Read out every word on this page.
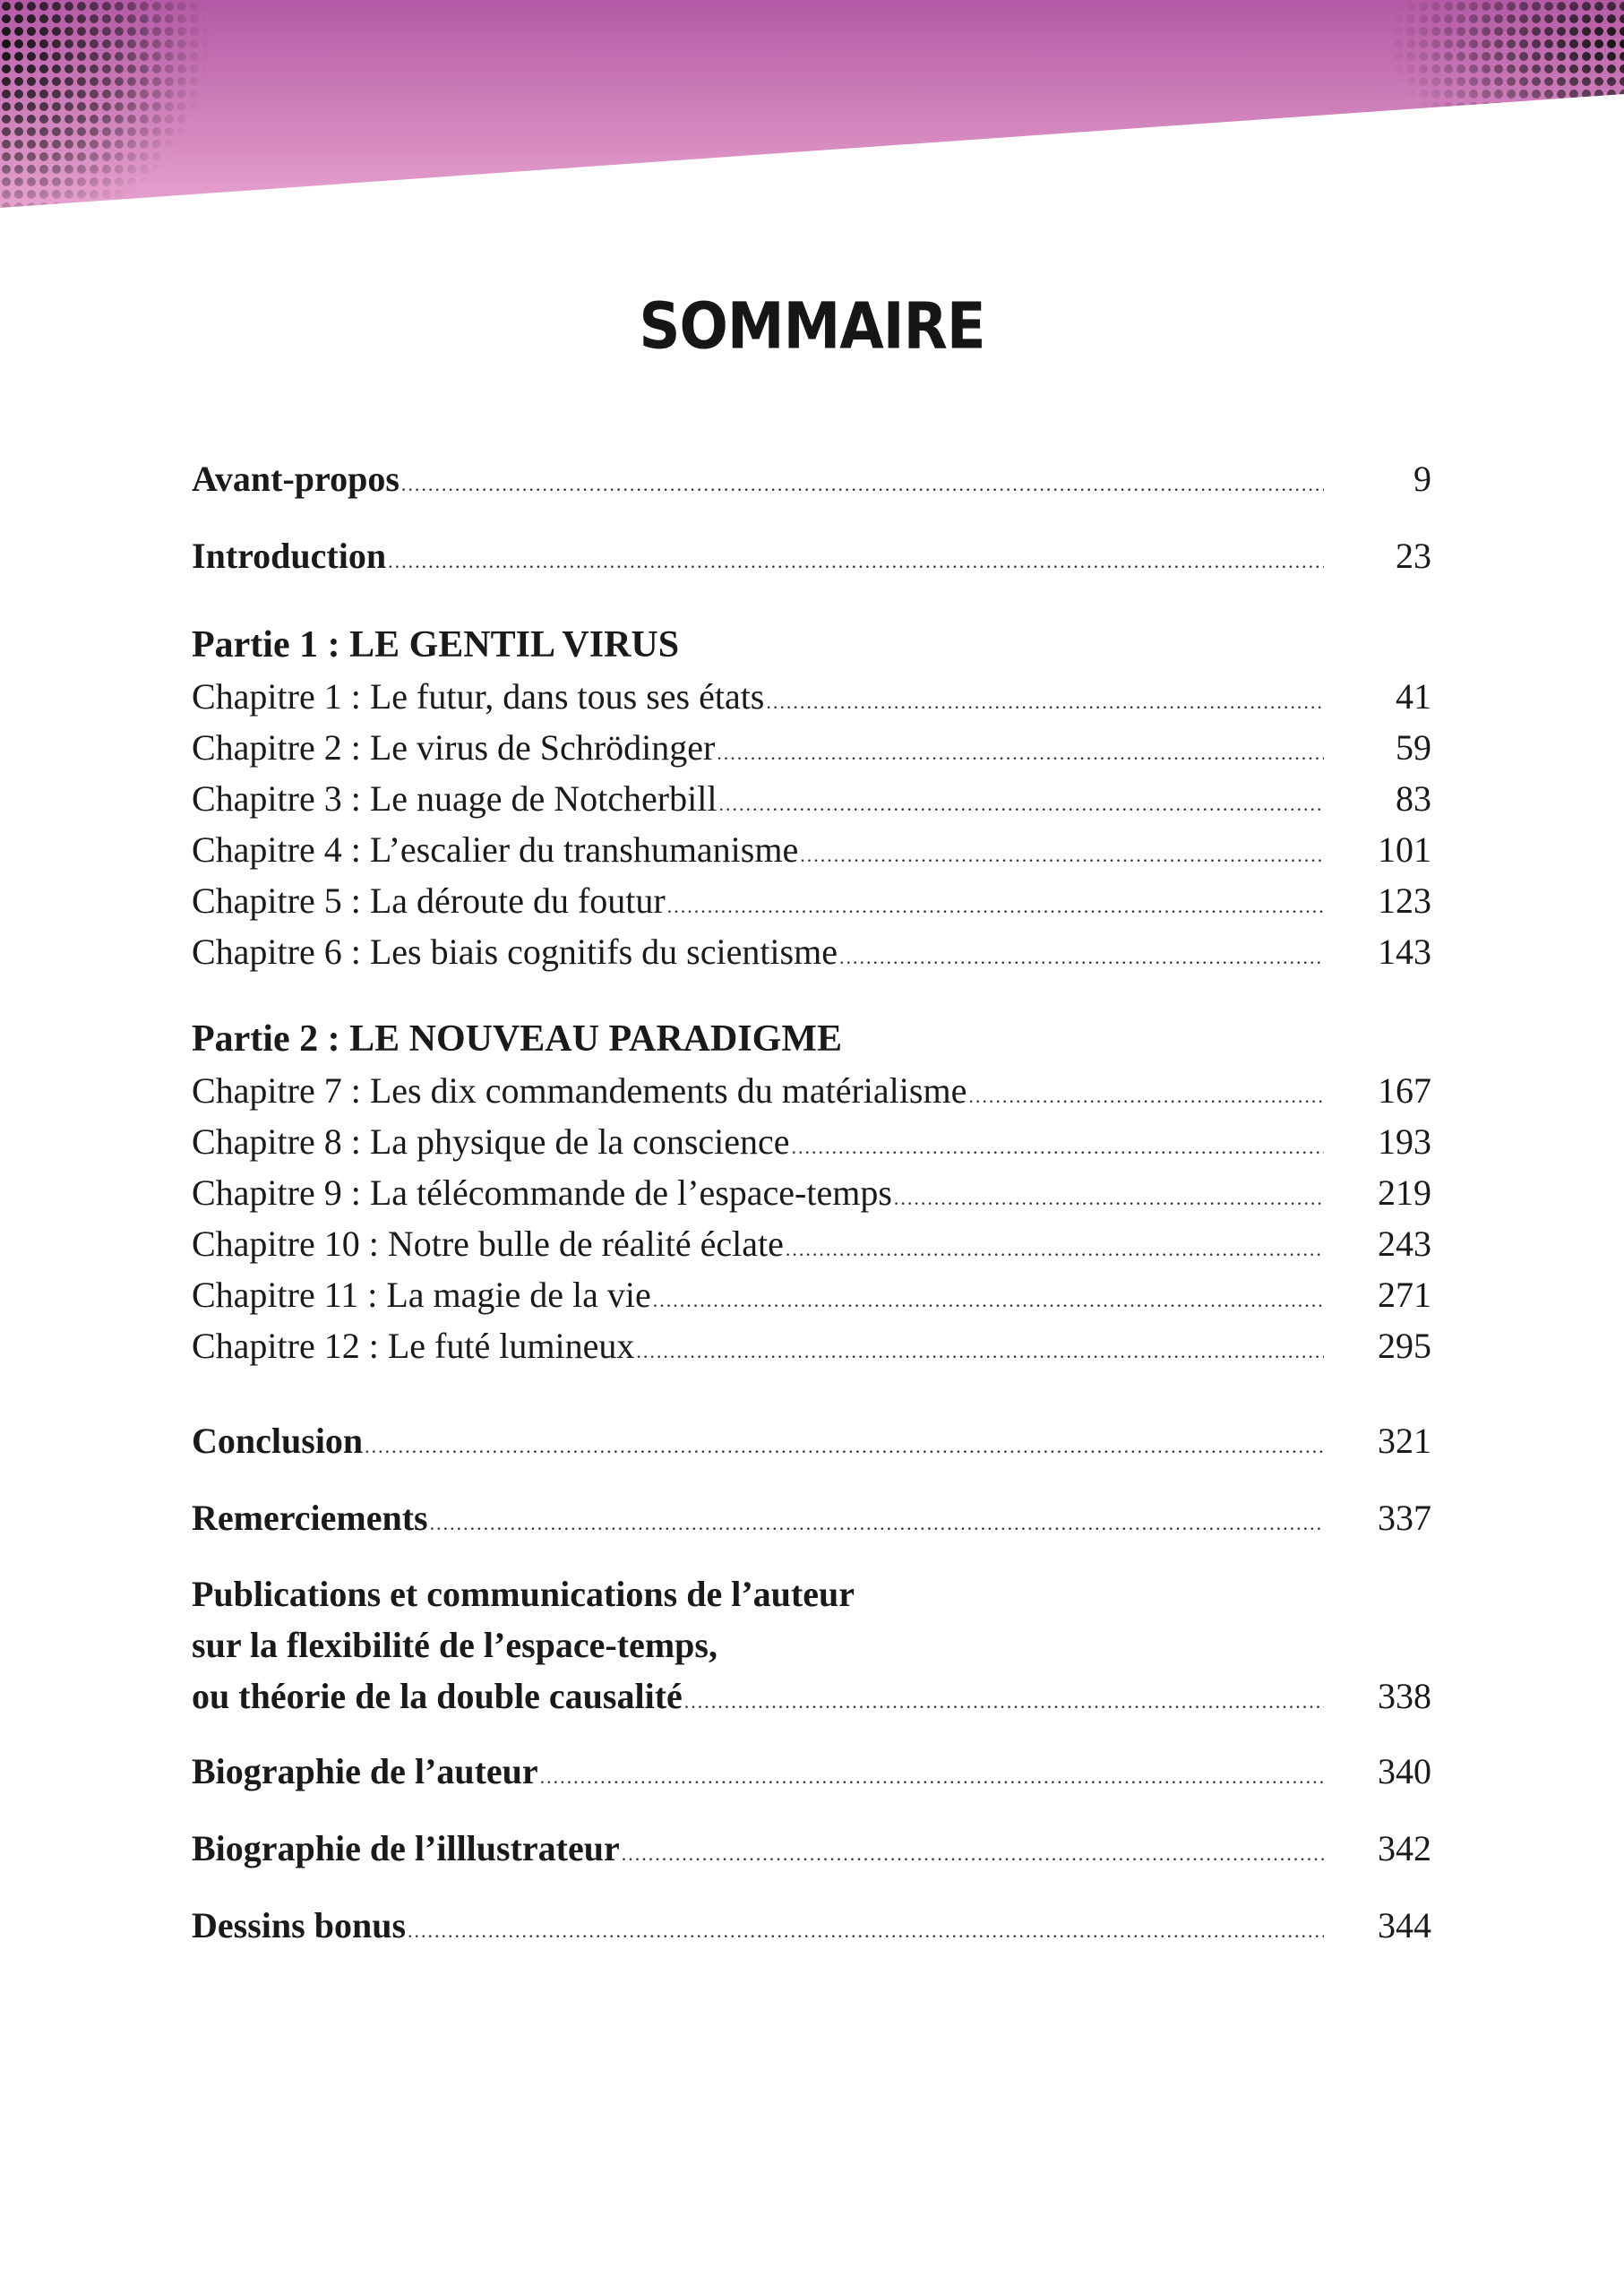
SOMMAIRE
Avant-propos .....	9
Introduction .....	23
Partie 1 : LE GENTIL VIRUS
Chapitre 1 : Le futur, dans tous ses états .....	41
Chapitre 2 : Le virus de Schrödinger .....	59
Chapitre 3 : Le nuage de Notcherbill .....	83
Chapitre 4 : L’escalier du transhumanisme .....	101
Chapitre 5 : La déroute du foutur .....	123
Chapitre 6 : Les biais cognitifs du scientisme .....	143
Partie 2 : LE NOUVEAU PARADIGME
Chapitre 7 : Les dix commandements du matérialisme .....	167
Chapitre 8 : La physique de la conscience .....	193
Chapitre 9 : La télécommande de l’espace-temps .....	219
Chapitre 10 : Notre bulle de réalité éclate .....	243
Chapitre 11 : La magie de la vie .....	271
Chapitre 12 : Le futé lumineux .....	295
Conclusion .....	321
Remerciements .....	337
Publications et communications de l’auteur
sur la flexibilité de l’espace-temps,
ou théorie de la double causalité .....	338
Biographie de l’auteur .....	340
Biographie de l’illlustrateur .....	342
Dessins bonus .....	344
